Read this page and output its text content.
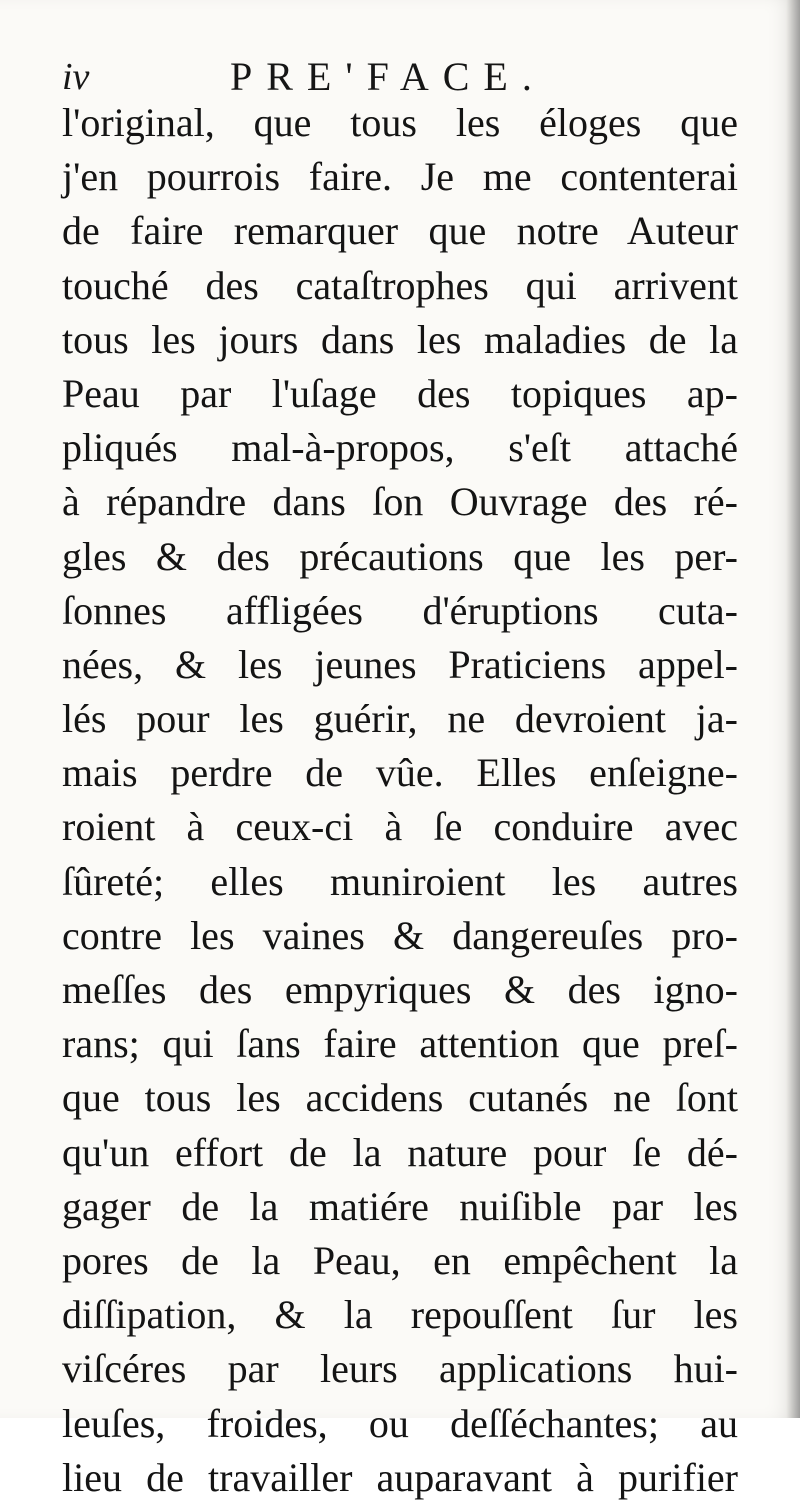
iv	PRE'FACE.
l'original, que tous les éloges que
j'en pourrois faire. Je me contenterai
de faire remarquer que notre Auteur
touché des cataſtrophes qui arrivent
tous les jours dans les maladies de la
Peau par l'uſage des topiques ap-
pliqués mal-à-propos, s'eſt attaché
à répandre dans ſon Ouvrage des ré-
gles & des précautions que les per-
ſonnes affligées d'éruptions cuta-
nées, & les jeunes Praticiens appel-
lés pour les guérir, ne devroient ja-
mais perdre de vûe. Elles enſeigne-
roient à ceux-ci à ſe conduire avec
ſûreté; elles muniroient les autres
contre les vaines & dangereuſes pro-
meſſes des empyriques & des igno-
rans; qui ſans faire attention que preſ-
que tous les accidens cutanés ne ſont
qu'un effort de la nature pour ſe dé-
gager de la matiére nuiſible par les
pores de la Peau, en empêchent la
diſſipation, & la repouſſent ſur les
viſcéres par leurs applications hui-
leuſes, froides, ou deſſéchantes; au
lieu de travailler auparavant à purifier
